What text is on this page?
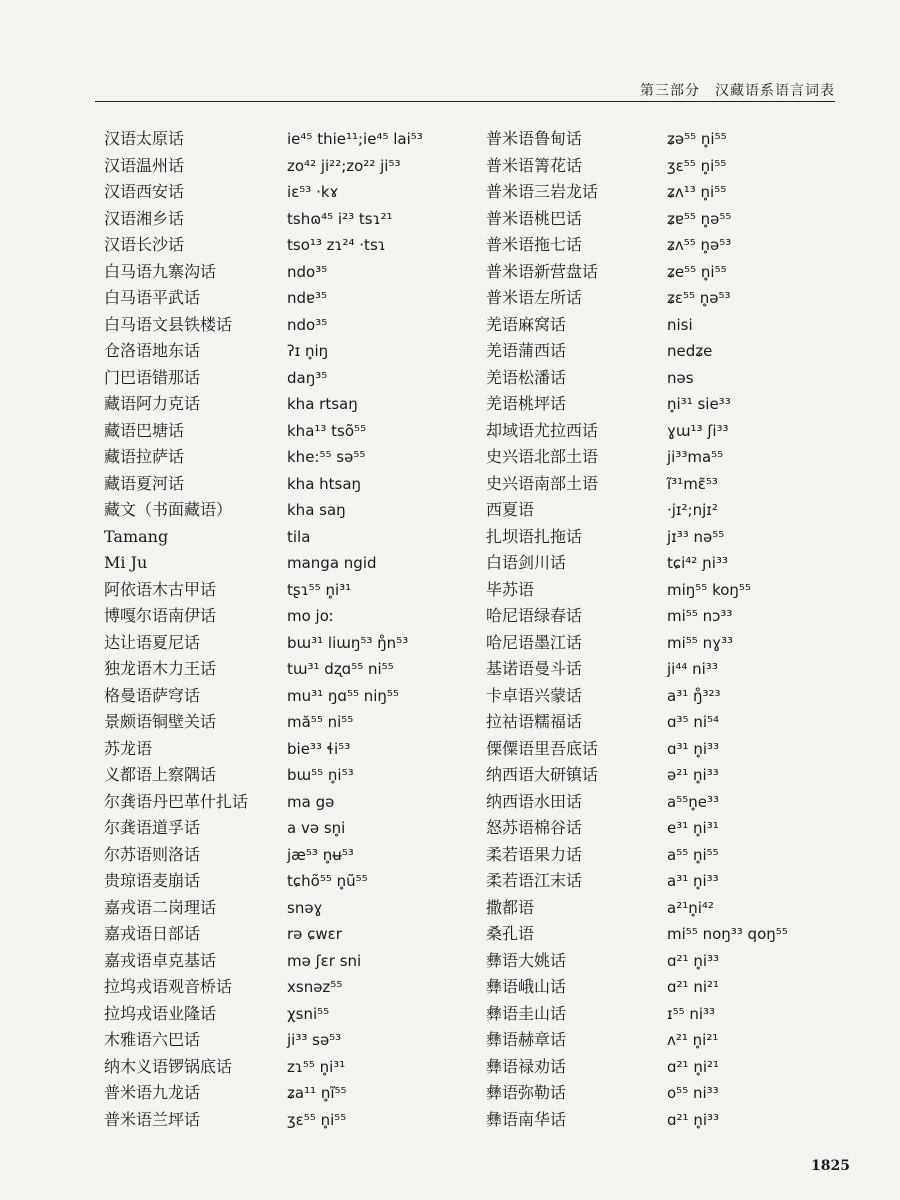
第三部分　汉藏语系语言词表
汉语太原话
汉语温州话
汉语西安话
汉语湘乡话
汉语长沙话
白马语九寨沟话
白马语平武话
白马语文县铁楼话
仓洛语地东话
门巴语错那话
藏语阿力克话
藏语巴塘话
藏语拉萨话
藏语夏河话
藏文（书面藏语）
Tamang
Mi Ju
阿依语木古甲话
博嘎尔语南伊话
达让语夏尼话
独龙语木力王话
格曼语萨穹话
景颇语铜壁关话
苏龙语
义都语上察隅话
尔龚语丹巴革什扎话
尔龚语道孚话
尔苏语则洛话
贵琼语麦崩话
嘉戎语二岗理话
嘉戎语日部话
嘉戎语卓克基话
拉坞戎语观音桥话
拉坞戎语业隆话
木雅语六巴话
纳木义语锣锅底话
普米语九龙话
普米语兰坪话
ie⁴⁵ thie¹¹;ie⁴⁵ lai⁵³
zo⁴² ji²²;zo²² ji⁵³
iɛ⁵³ ·kɤ
tshɷ⁴⁵ i²³ tsɿ²¹
tso¹³ zɿ²⁴ ·tsɿ
ndo³⁵
ndɐ³⁵
ndo³⁵
ʔɪ n̥iŋ
daŋ³⁵
kha rtsaŋ
kha¹³ tsõ⁵⁵
khe:⁵⁵ sə⁵⁵
kha htsaŋ
kha saŋ
tila
manga ngid
tʂɿ⁵⁵ n̥i³¹
mo joː
bɯ³¹ liɯŋ⁵³ ŋ̊n⁵³
tɯ³¹ dʐɑ⁵⁵ ni⁵⁵
mu³¹ ŋɑ⁵⁵ niŋ⁵⁵
mă⁵⁵ ni⁵⁵
bie³³ ɬi⁵³
bɯ⁵⁵ n̥i⁵³
ma gə
a və sn̥i
jæ⁵³ n̥ʉ⁵³
tɕhõ⁵⁵ n̥ũ⁵⁵
snəɣ
rə ɕwɛr
mə ʃɛr sni
xsnəz⁵⁵
χsni⁵⁵
ji³³ sə⁵³
zɿ⁵⁵ n̥i³¹
ʑa¹¹ n̥ĩ⁵⁵
ʒɛ⁵⁵ n̥i⁵⁵
普米语鲁甸话
普米语箐花话
普米语三岩龙话
普米语桃巴话
普米语拖七话
普米语新营盘话
普米语左所话
羌语麻窝话
羌语蒲西话
羌语松潘话
羌语桃坪话
却域语尤拉西话
史兴语北部土语
史兴语南部土语
西夏语
扎坝语扎拖话
白语剑川话
毕苏语
哈尼语绿春话
哈尼语墨江话
基诺语曼斗话
卡卓语兴蒙话
拉祜语糯福话
傈僳语里吾底话
纳西语大研镇话
纳西语水田话
怒苏语棉谷话
柔若语果力话
柔若语江末话
撒都语
桑孔语
彝语大姚话
彝语峨山话
彝语圭山话
彝语赫章话
彝语禄劝话
彝语弥勒话
彝语南华话
ʑə⁵⁵ n̥i⁵⁵
ʒɛ⁵⁵ n̥i⁵⁵
ʑʌ¹³ n̥i⁵⁵
ʑɐ⁵⁵ n̥ə⁵⁵
ʑʌ⁵⁵ n̥ə⁵³
ʑe⁵⁵ n̥i⁵⁵
ʑɛ⁵⁵ n̥ə⁵³
nisi
nedʑe
nəs
n̥i³¹ sie³³
ɣɯ¹³ ʃi³³
ji³³ma⁵⁵
ĩ³¹mɛ̃⁵³
·jɪ²;njɪ²
jɪ³³ nə⁵⁵
tɕi⁴² ɲi³³
miŋ⁵⁵ koŋ⁵⁵
mi⁵⁵ nɔ³³
mi⁵⁵ nɣ³³
ji⁴⁴ ni³³
a³¹ ŋ̊³²³
ɑ³⁵ ni⁵⁴
ɑ³¹ n̥i³³
ə²¹ n̥i³³
a⁵⁵n̥e³³
e³¹ n̥i³¹
a⁵⁵ n̥i⁵⁵
a³¹ n̥i³³
a²¹n̥i⁴²
mi⁵⁵ noŋ³³ qoŋ⁵⁵
ɑ²¹ n̥i³³
ɑ²¹ ni²¹
ɪ⁵⁵ ni³³
ʌ²¹ n̥i²¹
ɑ²¹ n̥i²¹
o⁵⁵ ni³³
ɑ²¹ n̥i³³
1825
